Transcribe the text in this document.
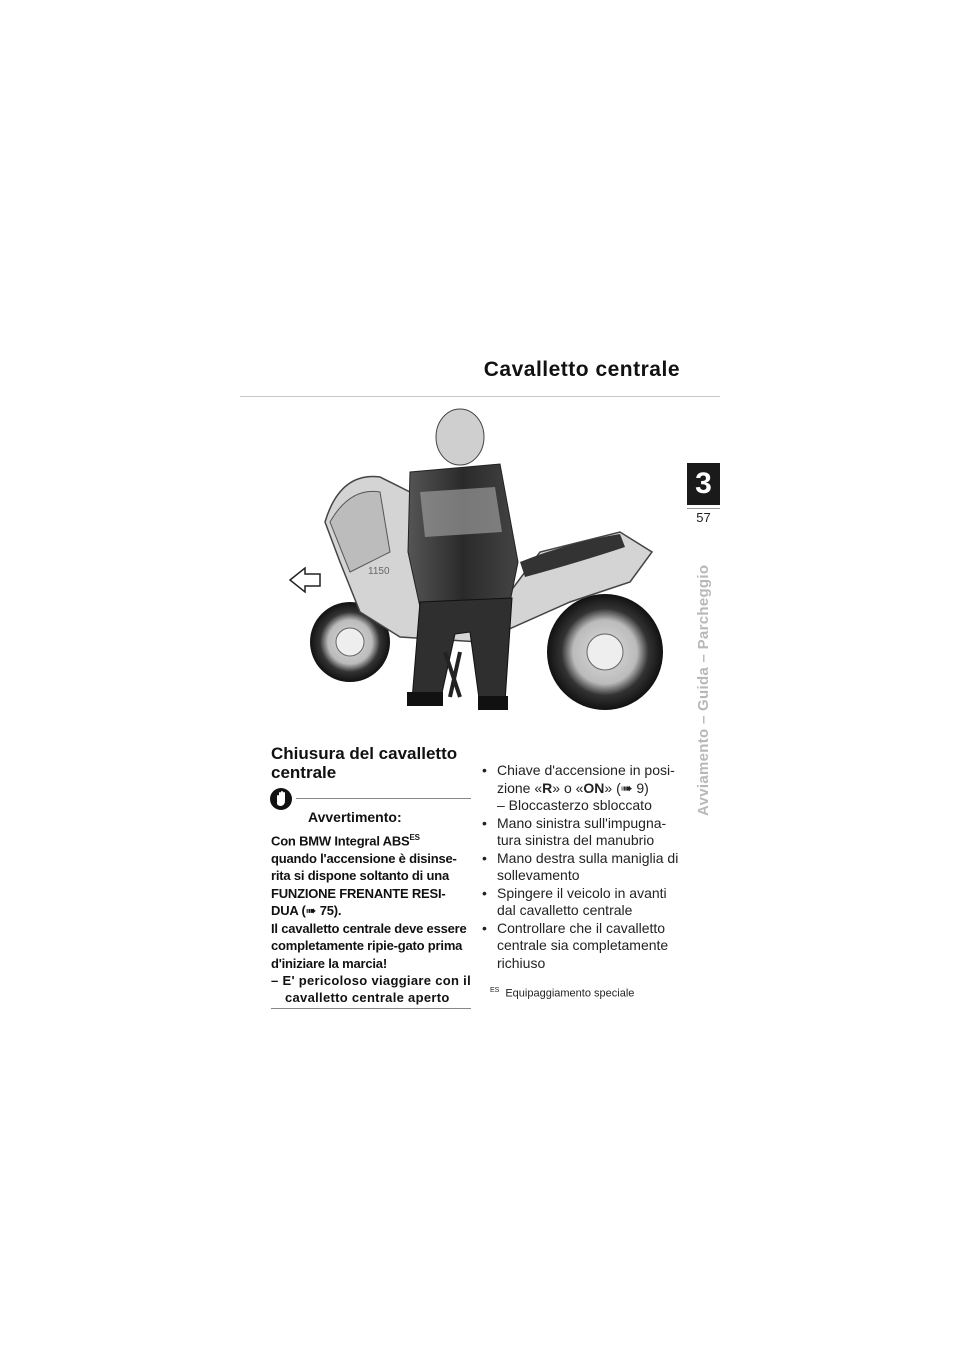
Cavalletto centrale
1150
3
57
Avviamento – Guida – Parcheggio
Chiusura del cavalletto centrale
Avvertimento:
Con BMW Integral $ABS^{ES}$
quando l'accensione è disinse-rita si dispone soltanto di una FUNZIONE FRENANTE RESI-DUA (➠ 75).
Il cavalletto centrale deve essere completamente ripie-gato prima d'iniziare la marcia!
– E' pericoloso viaggiare con il cavalletto centrale aperto
• Chiave d'accensione in posi-zione «R» o «ON» (➠ 9)
– Bloccasterzo sbloccato
• Mano sinistra sull'impugna-tura sinistra del manubrio
• Mano destra sulla maniglia di sollevamento
• Spingere il veicolo in avanti dal cavalletto centrale
• Controllare che il cavalletto centrale sia completamente richiuso
$^{ES}$ Equipaggiamento speciale
